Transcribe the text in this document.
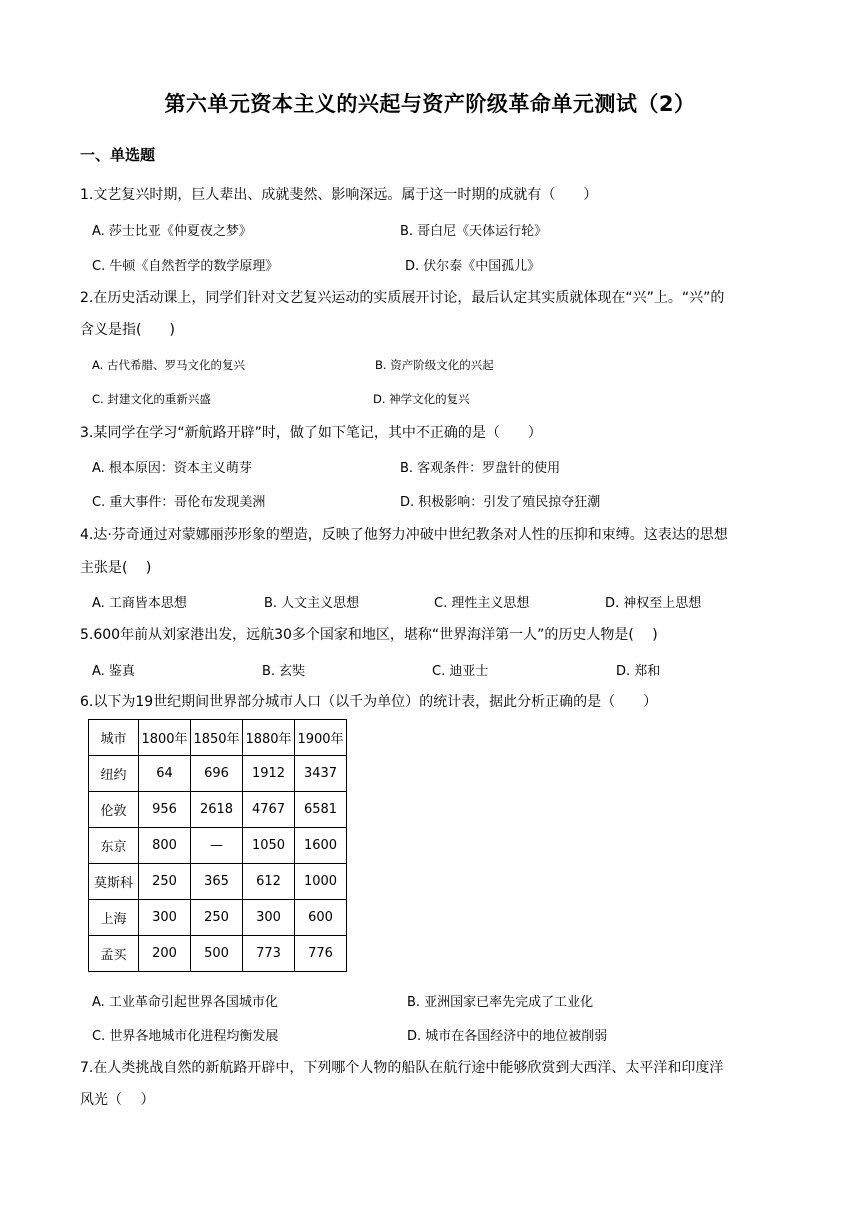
第六单元资本主义的兴起与资产阶级革命单元测试（2）
一、单选题
1.文艺复兴时期，巨人辈出、成就斐然、影响深远。属于这一时期的成就有（　　）
A. 莎士比亚《仲夏夜之梦》	B. 哥白尼《天体运行轮》
C. 牛顿《自然哲学的数学原理》	D. 伏尔泰《中国孤儿》
2.在历史活动课上，同学们针对文艺复兴运动的实质展开讨论，最后认定其实质就体现在“兴”上。“兴”的
含义是指(　　)
A. 古代希腊、罗马文化的复兴	B. 资产阶级文化的兴起
C. 封建文化的重新兴盛	D. 神学文化的复兴
3.某同学在学习“新航路开辟”时，做了如下笔记，其中不正确的是（　　）
A. 根本原因：资本主义萌芽	B. 客观条件：罗盘针的使用
C. 重大事件：哥伦布发现美洲	D. 积极影响：引发了殖民掠夺狂潮
4.达·芬奇通过对蒙娜丽莎形象的塑造，反映了他努力冲破中世纪教条对人性的压抑和束缚。这表达的思想
主张是(　 )
A. 工商皆本思想	B. 人文主义思想	C. 理性主义思想	D. 神权至上思想
5.600年前从刘家港出发，远航30多个国家和地区，堪称“世界海洋第一人”的历史人物是(　 )
A. 鉴真	B. 玄奘	C. 迪亚士	D. 郑和
6.以下为19世纪期间世界部分城市人口（以千为单位）的统计表，据此分析正确的是（　　）
城市	1800年	1850年	1880年	1900年
纽约	64	696	1912	3437
伦敦	956	2618	4767	6581
东京	800	—	1050	1600
莫斯科	250	365	612	1000
上海	300	250	300	600
孟买	200	500	773	776
A. 工业革命引起世界各国城市化	B. 亚洲国家已率先完成了工业化
C. 世界各地城市化进程均衡发展	D. 城市在各国经济中的地位被削弱
7.在人类挑战自然的新航路开辟中，下列哪个人物的船队在航行途中能够欣赏到大西洋、太平洋和印度洋
风光（　 ）
